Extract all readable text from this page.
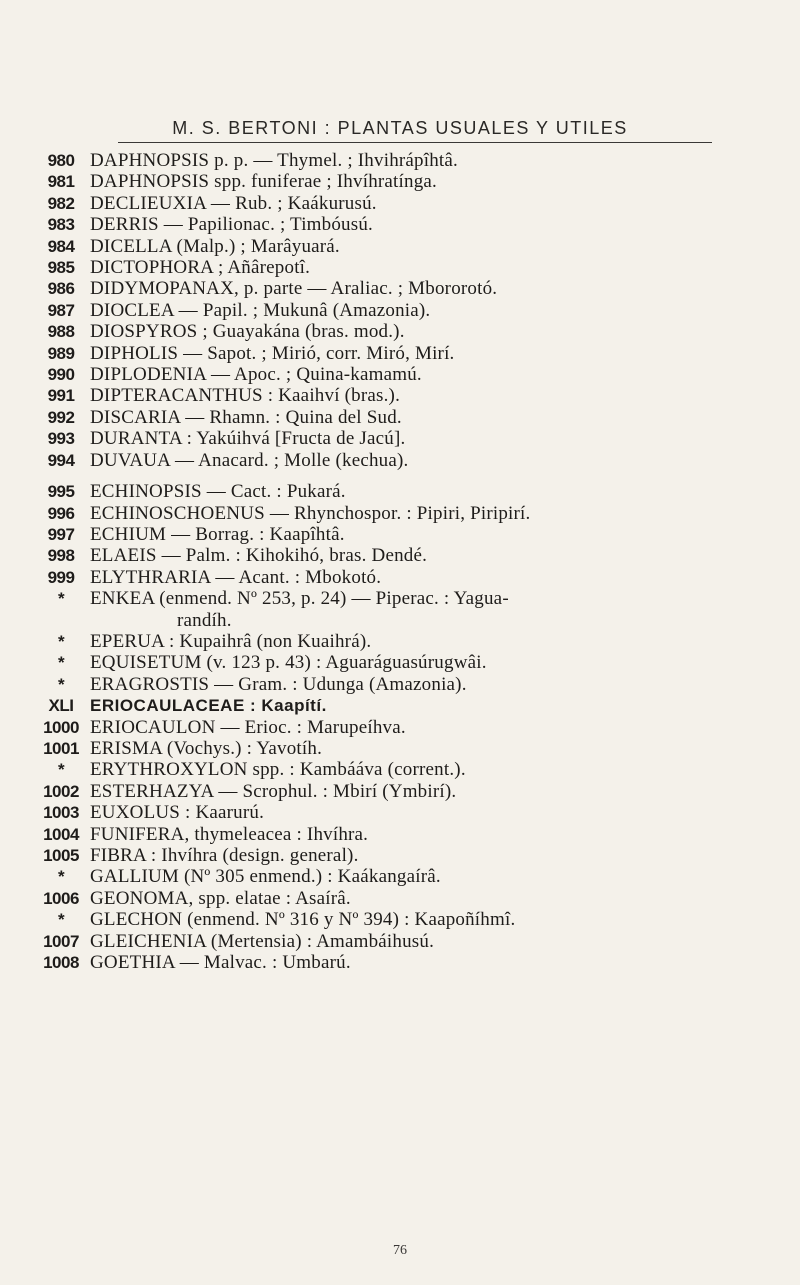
M. S. BERTONI : PLANTAS USUALES Y UTILES
980 DAPHNOPSIS p. p. — Thymel. ; Ihvihrápîhtâ.
981 DAPHNOPSIS spp. funiferae ; Ihvíhratínga.
982 DECLIEUXIA — Rub. ; Kaákurusú.
983 DERRIS — Papilionac. ; Timbóusú.
984 DICELLA (Malp.) ; Marâyuará.
985 DICTOPHORA ; Añârepotî.
986 DIDYMOPANAX, p. parte — Araliac. ; Mbororotó.
987 DIOCLEA — Papil. ; Mukunâ (Amazonia).
988 DIOSPYROS ; Guayakána (bras. mod.).
989 DIPHOLIS — Sapot. ; Mirió, corr. Miró, Mirí.
990 DIPLODENIA — Apoc. ; Quina-kamamú.
991 DIPTERACANTHUS : Kaaihví (bras.).
992 DISCARIA — Rhamn. : Quina del Sud.
993 DURANTA : Yakúihvá [Fructa de Jacú].
994 DUVAUA — Anacard. ; Molle (kechua).
995 ECHINOPSIS — Cact. : Pukará.
996 ECHINOSCHOENUS — Rhynchospor. : Pipiri, Piripirí.
997 ECHIUM — Borrag. : Kaapîhtâ.
998 ELAEIS — Palm. : Kihokihó, bras. Dendé.
999 ELYTHRARIA — Acant. : Mbokotó.
*	ENKEA (enmend. Nº 253, p. 24) — Piperac. : Yagua-
randíh.
*	EPERUA : Kupaihrâ (non Kuaihrá).
*	EQUISETUM (v. 123 p. 43) : Aguaráguasúrugwâi.
*	ERAGROSTIS — Gram. : Udunga (Amazonia).
XLI ERIOCAULACEAE : Kaapítí.
1000 ERIOCAULON — Erioc. : Marupeíhva.
1001 ERISMA (Vochys.) : Yavotíh.
*	ERYTHROXYLON spp. : Kambááva (corrent.).
1002 ESTERHAZYA — Scrophul. : Mbirí (Ymbirí).
1003 EUXOLUS : Kaarurú.
1004 FUNIFERA, thymeleacea : Ihvíhra.
1005 FIBRA : Ihvíhra (design. general).
*	GALLIUM (Nº 305 enmend.) : Kaákangaírâ.
1006 GEONOMA, spp. elatae : Asaírâ.
*	GLECHON (enmend. Nº 316 y Nº 394) : Kaapoñíhmî.
1007 GLEICHENIA (Mertensia) : Amambáihusú.
1008 GOETHIA — Malvac. : Umbarú.
76
